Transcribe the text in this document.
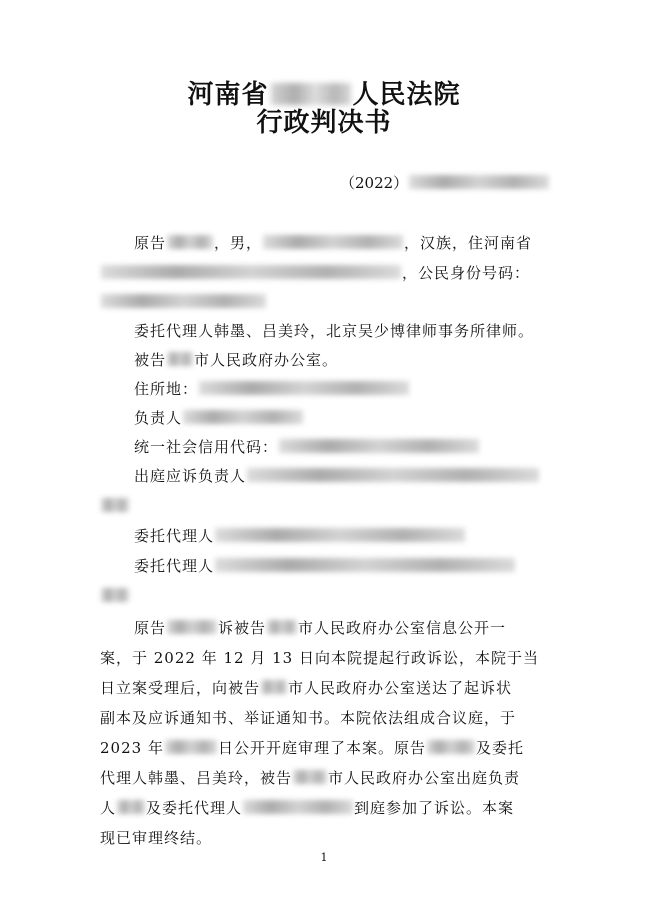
河南省	人民法院
行政判决书
（2022）
原告	，男，	，汉族，住河南省
，公民身份号码：
委托代理人韩墨、吕美玲，北京吴少博律师事务所律师。
被告 市人民政府办公室。
住所地：
负责人
统一社会信用代码：
出庭应诉负责人
委托代理人
委托代理人
原告	诉被告 市人民政府办公室信息公开一
案，于 2022 年 12 月 13 日向本院提起行政诉讼，本院于当
日立案受理后，向被告 市人民政府办公室送达了起诉状
副本及应诉通知书、举证通知书。本院依法组成合议庭，于
2023 年	日公开开庭审理了本案。原告	及委托
代理人韩墨、吕美玲，被告 市人民政府办公室出庭负责
人 及委托代理人	到庭参加了诉讼。本案
现已审理终结。
1
